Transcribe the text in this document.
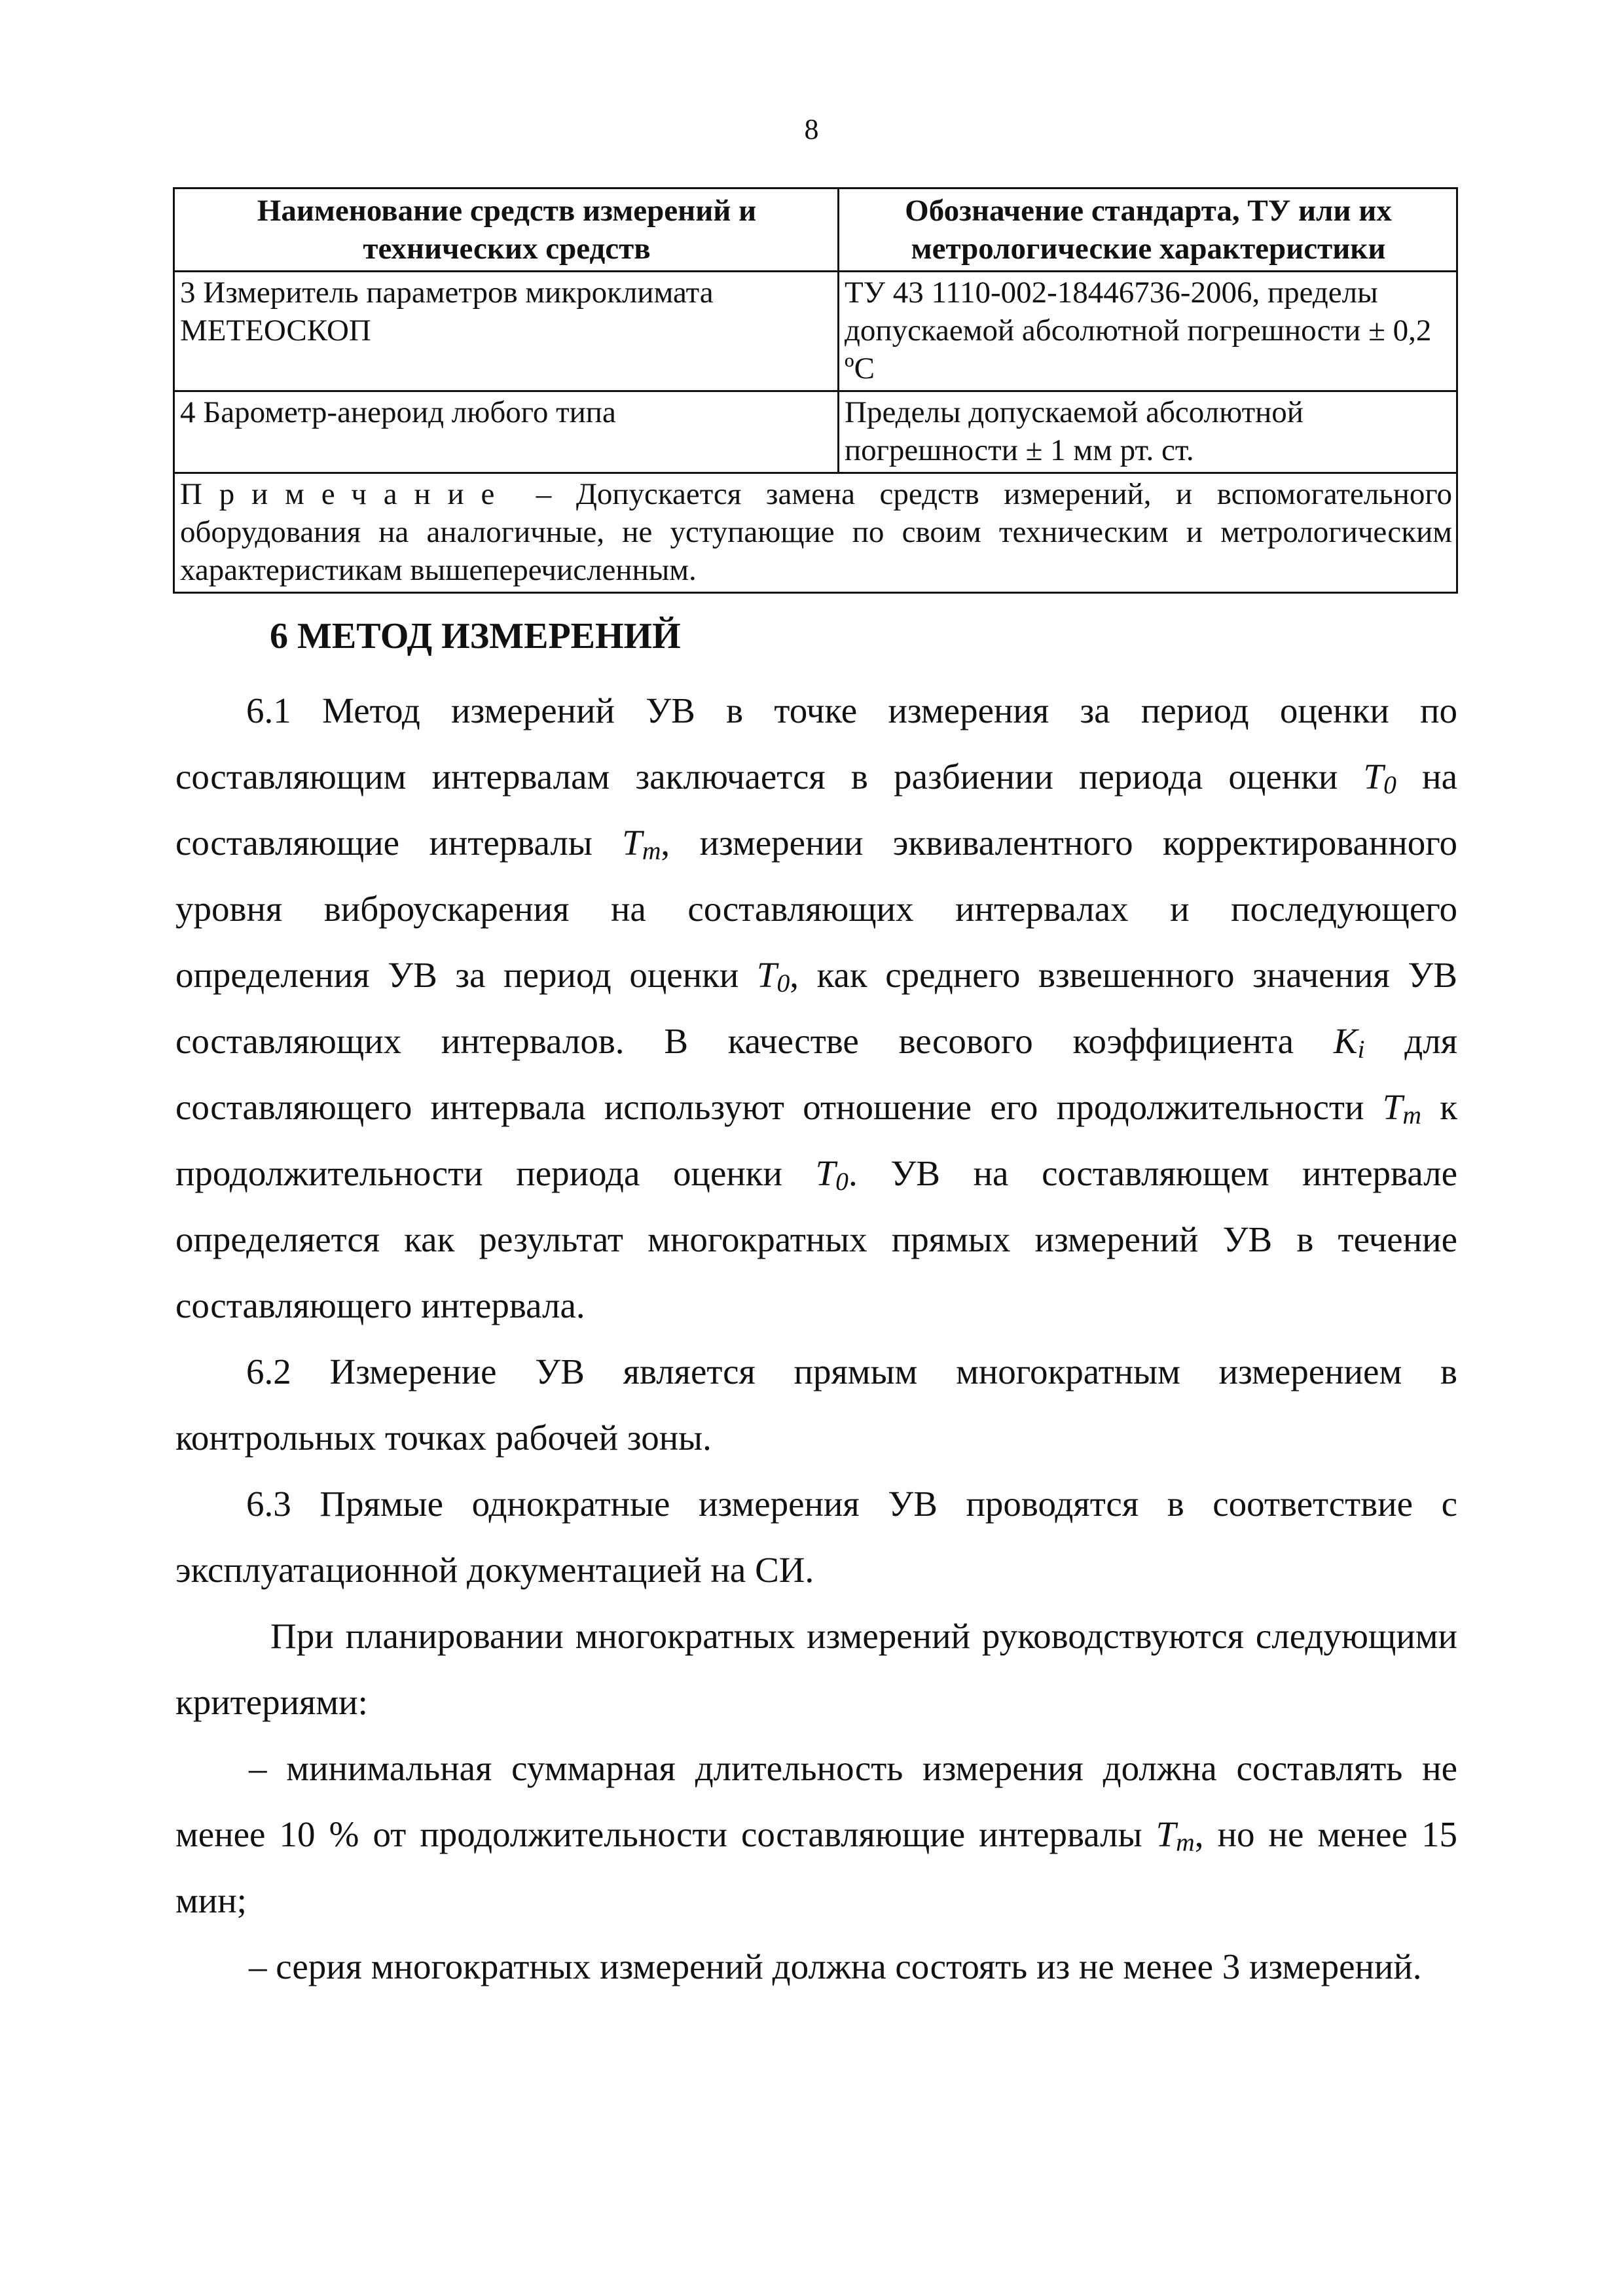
8
Наименование средств измерений и технических средств	Обозначение стандарта, ТУ или их метрологические характеристики
3 Измеритель параметров микроклимата МЕТЕОСКОП	ТУ 43 1110-002-18446736-2006, пределы допускаемой абсолютной погрешности ± 0,2 ºС
4 Барометр-анероид любого типа	Пределы допускаемой абсолютной погрешности ± 1 мм рт. ст.
Примечание – Допускается замена средств измерений, и вспомогательного оборудования на аналогичные, не уступающие по своим техническим и метрологическим характеристикам вышеперечисленным.	
6 МЕТОД ИЗМЕРЕНИЙ

6.1 Метод измерений УВ в точке измерения за период оценки по составляющим интервалам заключается в разбиении периода оценки $T_0$ на составляющие интервалы $T_m$, измерении эквивалентного корректированного уровня виброускарения на составляющих интервалах и последующего определения УВ за период оценки $T_0$, как среднего взвешенного значения УВ составляющих интервалов. В качестве весового коэффициента $K_i$ для составляющего интервала используют отношение его продолжительности $T_m$ к продолжительности периода оценки $T_0$. УВ на составляющем интервале определяется как результат многократных прямых измерений УВ в течение составляющего интервала.

6.2 Измерение УВ является прямым многократным измерением в контрольных точках рабочей зоны.

6.3 Прямые однократные измерения УВ проводятся в соответствие с эксплуатационной документацией на СИ.

При планировании многократных измерений руководствуются следующими критериями:

– минимальная суммарная длительность измерения должна составлять не менее 10 % от продолжительности составляющие интервалы $T_m$, но не менее 15 мин;

– серия многократных измерений должна состоять из не менее 3 измерений.
